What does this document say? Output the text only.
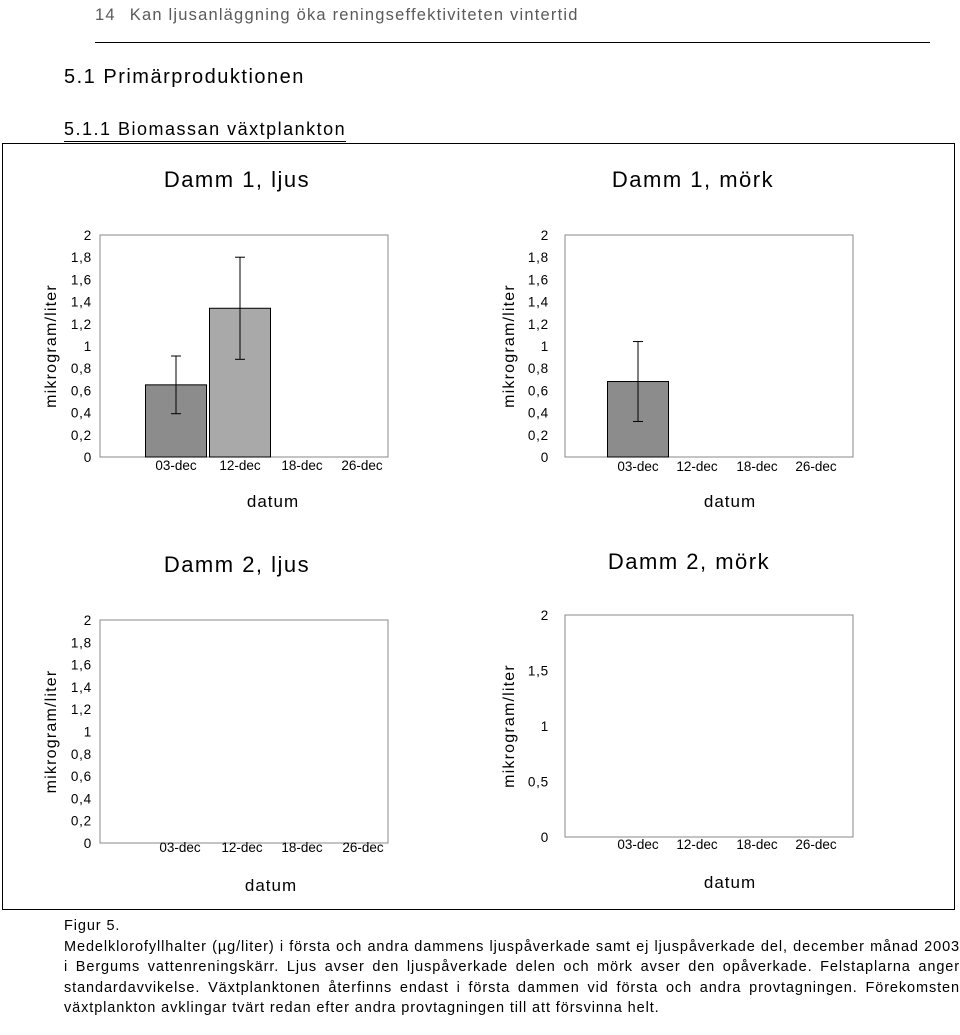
14 Kan ljusanläggning öka reningseffektiviteten vintertid
5.1 Primärproduktionen
5.1.1 Biomassan växtplankton
Damm 1, ljus
mikrogram/liter
0
0,2
0,4
0,6
0,8
1
1,2
1,4
1,6
1,8
2
03-dec 12-dec 18-dec 26-dec
datum
Damm 1, mörk
mikrogram/liter
0
0,2
0,4
0,6
0,8
1
1,2
1,4
1,6
1,8
2
03-dec 12-dec 18-dec 26-dec
datum
Damm 2, ljus
mikrogram/liter
0
0,2
0,4
0,6
0,8
1
1,2
1,4
1,6
1,8
2
03-dec 12-dec 18-dec 26-dec
datum
Damm 2, mörk
mikrogram/liter
0
0,5
1
1,5
2
03-dec 12-dec 18-dec 26-dec
datum

Figur 5.

Medelklorofyllhalter (µg/liter) i första och andra dammens ljuspåverkade samt ej ljuspåverkade del, december månad 2003 i Bergums vattenreningskärr. Ljus avser den ljuspåverkade delen och mörk avser den opåverkade. Felstaplarna anger standardavvikelse. Växtplanktonen återfinns endast i första dammen vid första och andra provtagningen. Förekomsten växtplankton avklingar tvärt redan efter andra provtagningen till att försvinna helt.
